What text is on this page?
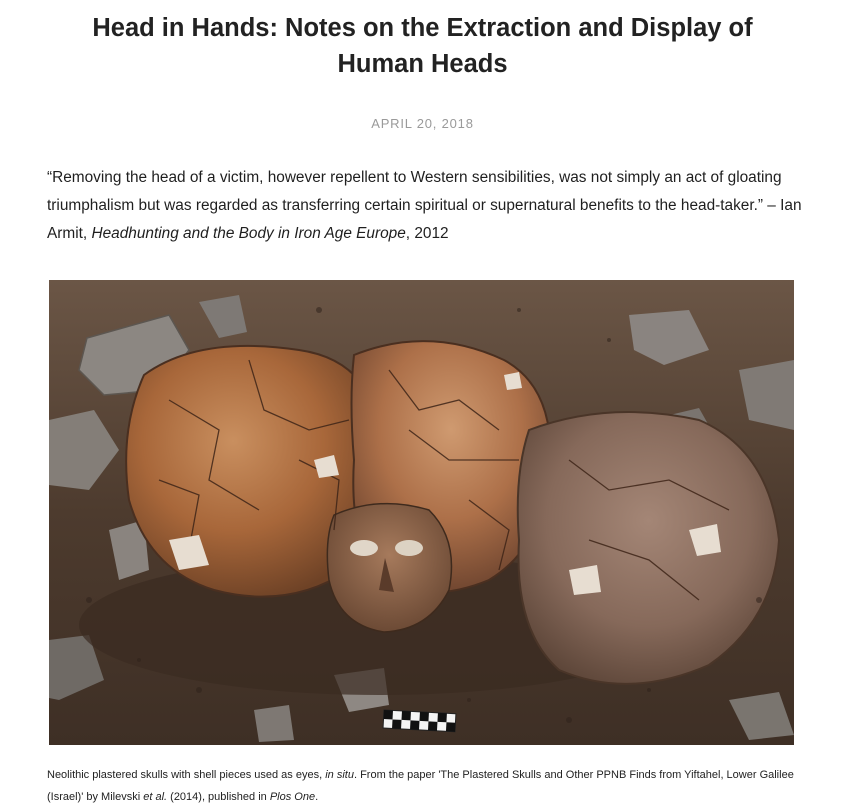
Head in Hands: Notes on the Extraction and Display of Human Heads
APRIL 20, 2018

“Removing the head of a victim, however repellent to Western sensibilities, was not simply an act of gloating triumphalism but was regarded as transferring certain spiritual or supernatural benefits to the head-taker.” – Ian Armit, Headhunting and the Body in Iron Age Europe, 2012

Neolithic plastered skulls with shell pieces used as eyes, in situ. From the paper 'The Plastered Skulls and Other PPNB Finds from Yiftahel, Lower Galilee (Israel)' by Milevski et al. (2014), published in Plos One.
